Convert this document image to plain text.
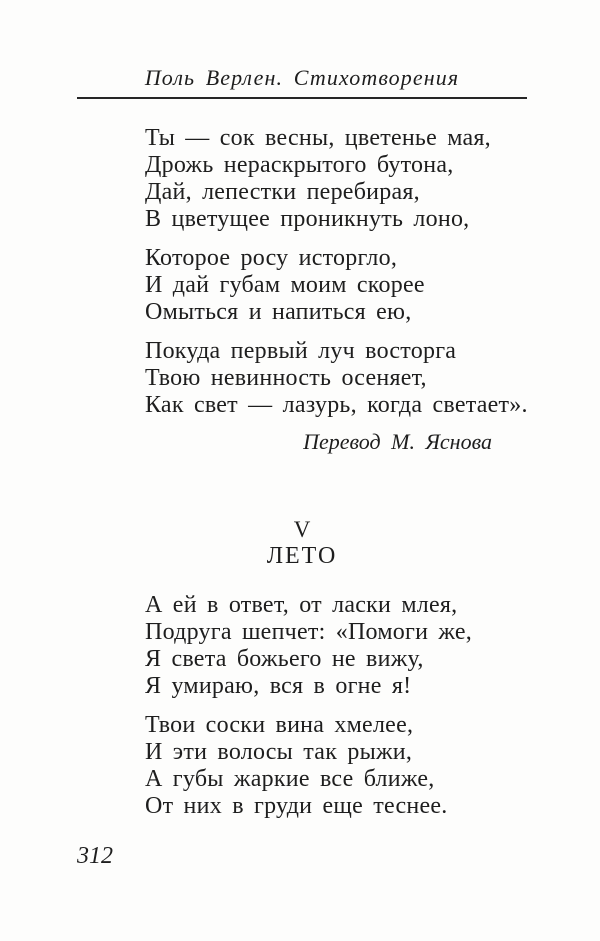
Поль Верлен. Стихотворения
Ты — сок весны, цветенье мая,
Дрожь нераскрытого бутона,
Дай, лепестки перебирая,
В цветущее проникнуть лоно,
Которое росу исторгло,
И дай губам моим скорее
Омыться и напиться ею,
Покуда первый луч восторга
Твою невинность осеняет,
Как свет — лазурь, когда светает».
Перевод М. Яснова
V
ЛЕТО
А ей в ответ, от ласки млея,
Подруга шепчет: «Помоги же,
Я света божьего не вижу,
Я умираю, вся в огне я!
Твои соски вина хмелее,
И эти волосы так рыжи,
А губы жаркие все ближе,
От них в груди еще теснее.
312
